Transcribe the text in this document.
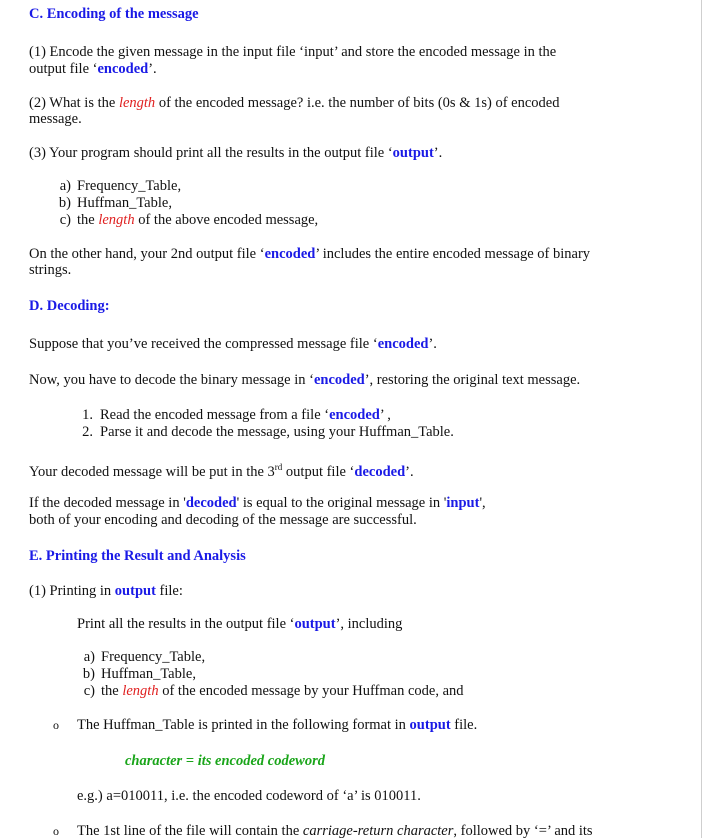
C. Encoding of the message
(1) Encode the given message in the input file ‘input’ and store the encoded message in the
output file ‘encoded’.
(2) What is the length of the encoded message? i.e. the number of bits (0s & 1s) of encoded
message.
(3) Your program should print all the results in the output file ‘output’.
a) Frequency_Table,
b) Huffman_Table,
c) the length of the above encoded message,
On the other hand, your 2nd output file ‘encoded’ includes the entire encoded message of binary
strings.
D. Decoding:
Suppose that you’ve received the compressed message file ‘encoded’.
Now, you have to decode the binary message in ‘encoded’, restoring the original text message.
1. Read the encoded message from a file ‘encoded’ ,
2. Parse it and decode the message, using your Huffman_Table.
Your decoded message will be put in the 3rd output file ‘decoded’.
If the decoded message in 'decoded' is equal to the original message in 'input',
both of your encoding and decoding of the message are successful.
E. Printing the Result and Analysis
(1) Printing in output file:
Print all the results in the output file ‘output’, including
a) Frequency_Table,
b) Huffman_Table,
c) the length of the encoded message by your Huffman code, and
o The Huffman_Table is printed in the following format in output file.
character = its encoded codeword
e.g.) a=010011, i.e. the encoded codeword of ‘a’ is 010011.
o The 1st line of the file will contain the carriage-return character, followed by ‘=’ and its
